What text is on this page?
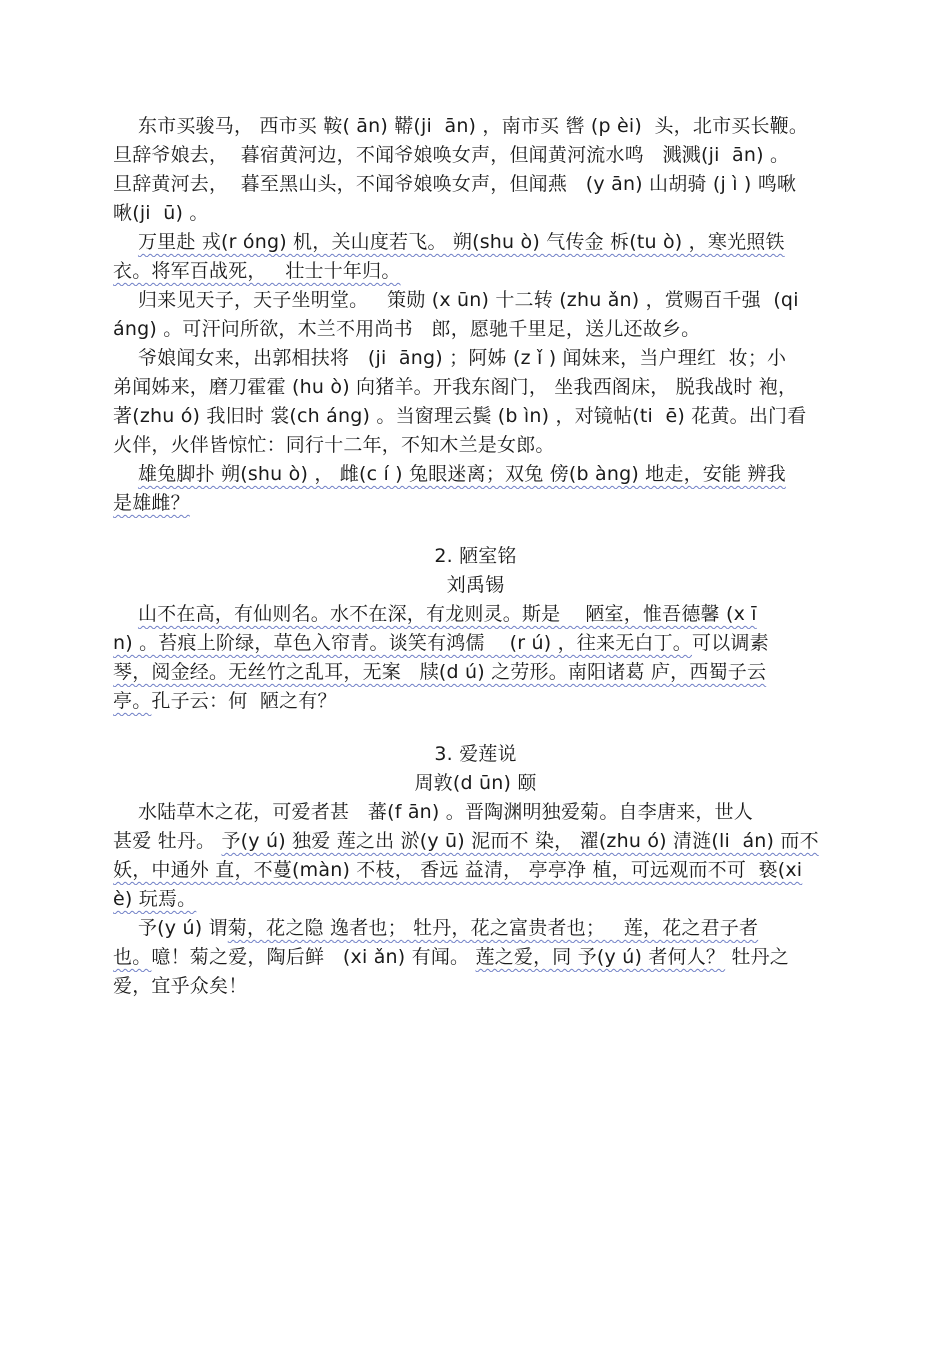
东市买骏马， 西市买 鞍( ān) 鞯(ji  ān) ，南市买 辔 (p èi)  头，北市买长鞭。
旦辞爷娘去，  暮宿黄河边，不闻爷娘唤女声，但闻黄河流水鸣   溅溅(ji  ān) 。
旦辞黄河去，  暮至黑山头，不闻爷娘唤女声，但闻燕   (y ān) 山胡骑 (j ì ) 鸣啾
啾(ji  ū) 。
万里赴 戎(r óng) 机，关山度若飞。 朔(shu ò) 气传金 柝(tu ò) ，寒光照铁
衣。将军百战死，   壮士十年归。
归来见天子，天子坐明堂。   策勋 (x ūn) 十二转 (zhu ǎn) ，赏赐百千强  (qi
áng) 。可汗问所欲，木兰不用尚书   郎，愿驰千里足，送儿还故乡。
爷娘闻女来，出郭相扶将   (ji  āng) ；阿姊 (z ǐ ) 闻妹来，当户理红  妆；小
弟闻姊来，磨刀霍霍 (hu ò) 向猪羊。开我东阁门， 坐我西阁床， 脱我战时 袍，
著(zhu ó) 我旧时 裳(ch áng) 。当窗理云鬓 (b ìn) ，对镜帖(ti  ē) 花黄。出门看
火伴，火伴皆惊忙：同行十二年，不知木兰是女郎。
雄兔脚扑 朔(shu ò) ， 雌(c í ) 兔眼迷离；双兔 傍(b àng) 地走，安能 辨我
是雄雌？
2. 陋室铭
刘禹锡
山不在高，有仙则名。水不在深，有龙则灵。斯是    陋室，惟吾德馨 (x ī
n) 。苔痕上阶绿，草色入帘青。谈笑有鸿儒    (r ú) ，往来无白丁。可以调素
琴，阅金经。无丝竹之乱耳，无案   牍(d ú) 之劳形。南阳诸葛 庐，西蜀子云
亭。孔子云：何  陋之有？
3. 爱莲说
周敦(d ūn) 颐
水陆草木之花，可爱者甚   蕃(f ān) 。晋陶渊明独爱菊。自李唐来，世人
甚爱 牡丹。 予(y ú) 独爱 莲之出 淤(y ū) 泥而不 染， 濯(zhu ó) 清涟(li  án) 而不
妖，中通外 直，不蔓(màn) 不枝， 香远 益清， 亭亭净 植，可远观而不可  亵(xi
è) 玩焉。
予(y ú) 谓菊，花之隐 逸者也； 牡丹，花之富贵者也；   莲，花之君子者
也。噫！菊之爱，陶后鲜   (xi ǎn) 有闻。 莲之爱，同 予(y ú) 者何人？ 牡丹之
爱，宜乎众矣！
